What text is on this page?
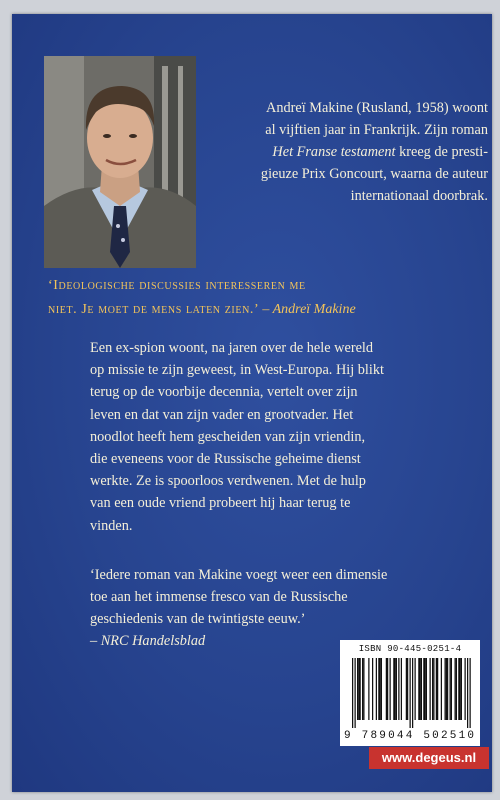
Andreï Makine (Rusland, 1958) woont
al vijftien jaar in Frankrijk. Zijn roman
Het Franse testament kreeg de presti-
gieuze Prix Goncourt, waarna de auteur
internationaal doorbrak.
‘Ideologische discussies interesseren me
niet. Je moet de mens laten zien.’ – Andreï Makine
Een ex-spion woont, na jaren over de hele wereld
op missie te zijn geweest, in West-Europa. Hij blikt
terug op de voorbije decennia, vertelt over zijn
leven en dat van zijn vader en grootvader. Het
noodlot heeft hem gescheiden van zijn vriendin,
die eveneens voor de Russische geheime dienst
werkte. Ze is spoorloos verdwenen. Met de hulp
van een oude vriend probeert hij haar terug te
vinden.
‘Iedere roman van Makine voegt weer een dimensie
toe aan het immense fresco van de Russische
geschiedenis van de twintigste eeuw.’
– NRC Handelsblad	ISBN 90-445-0251-4
9 789044 502510
www.degeus.nl
